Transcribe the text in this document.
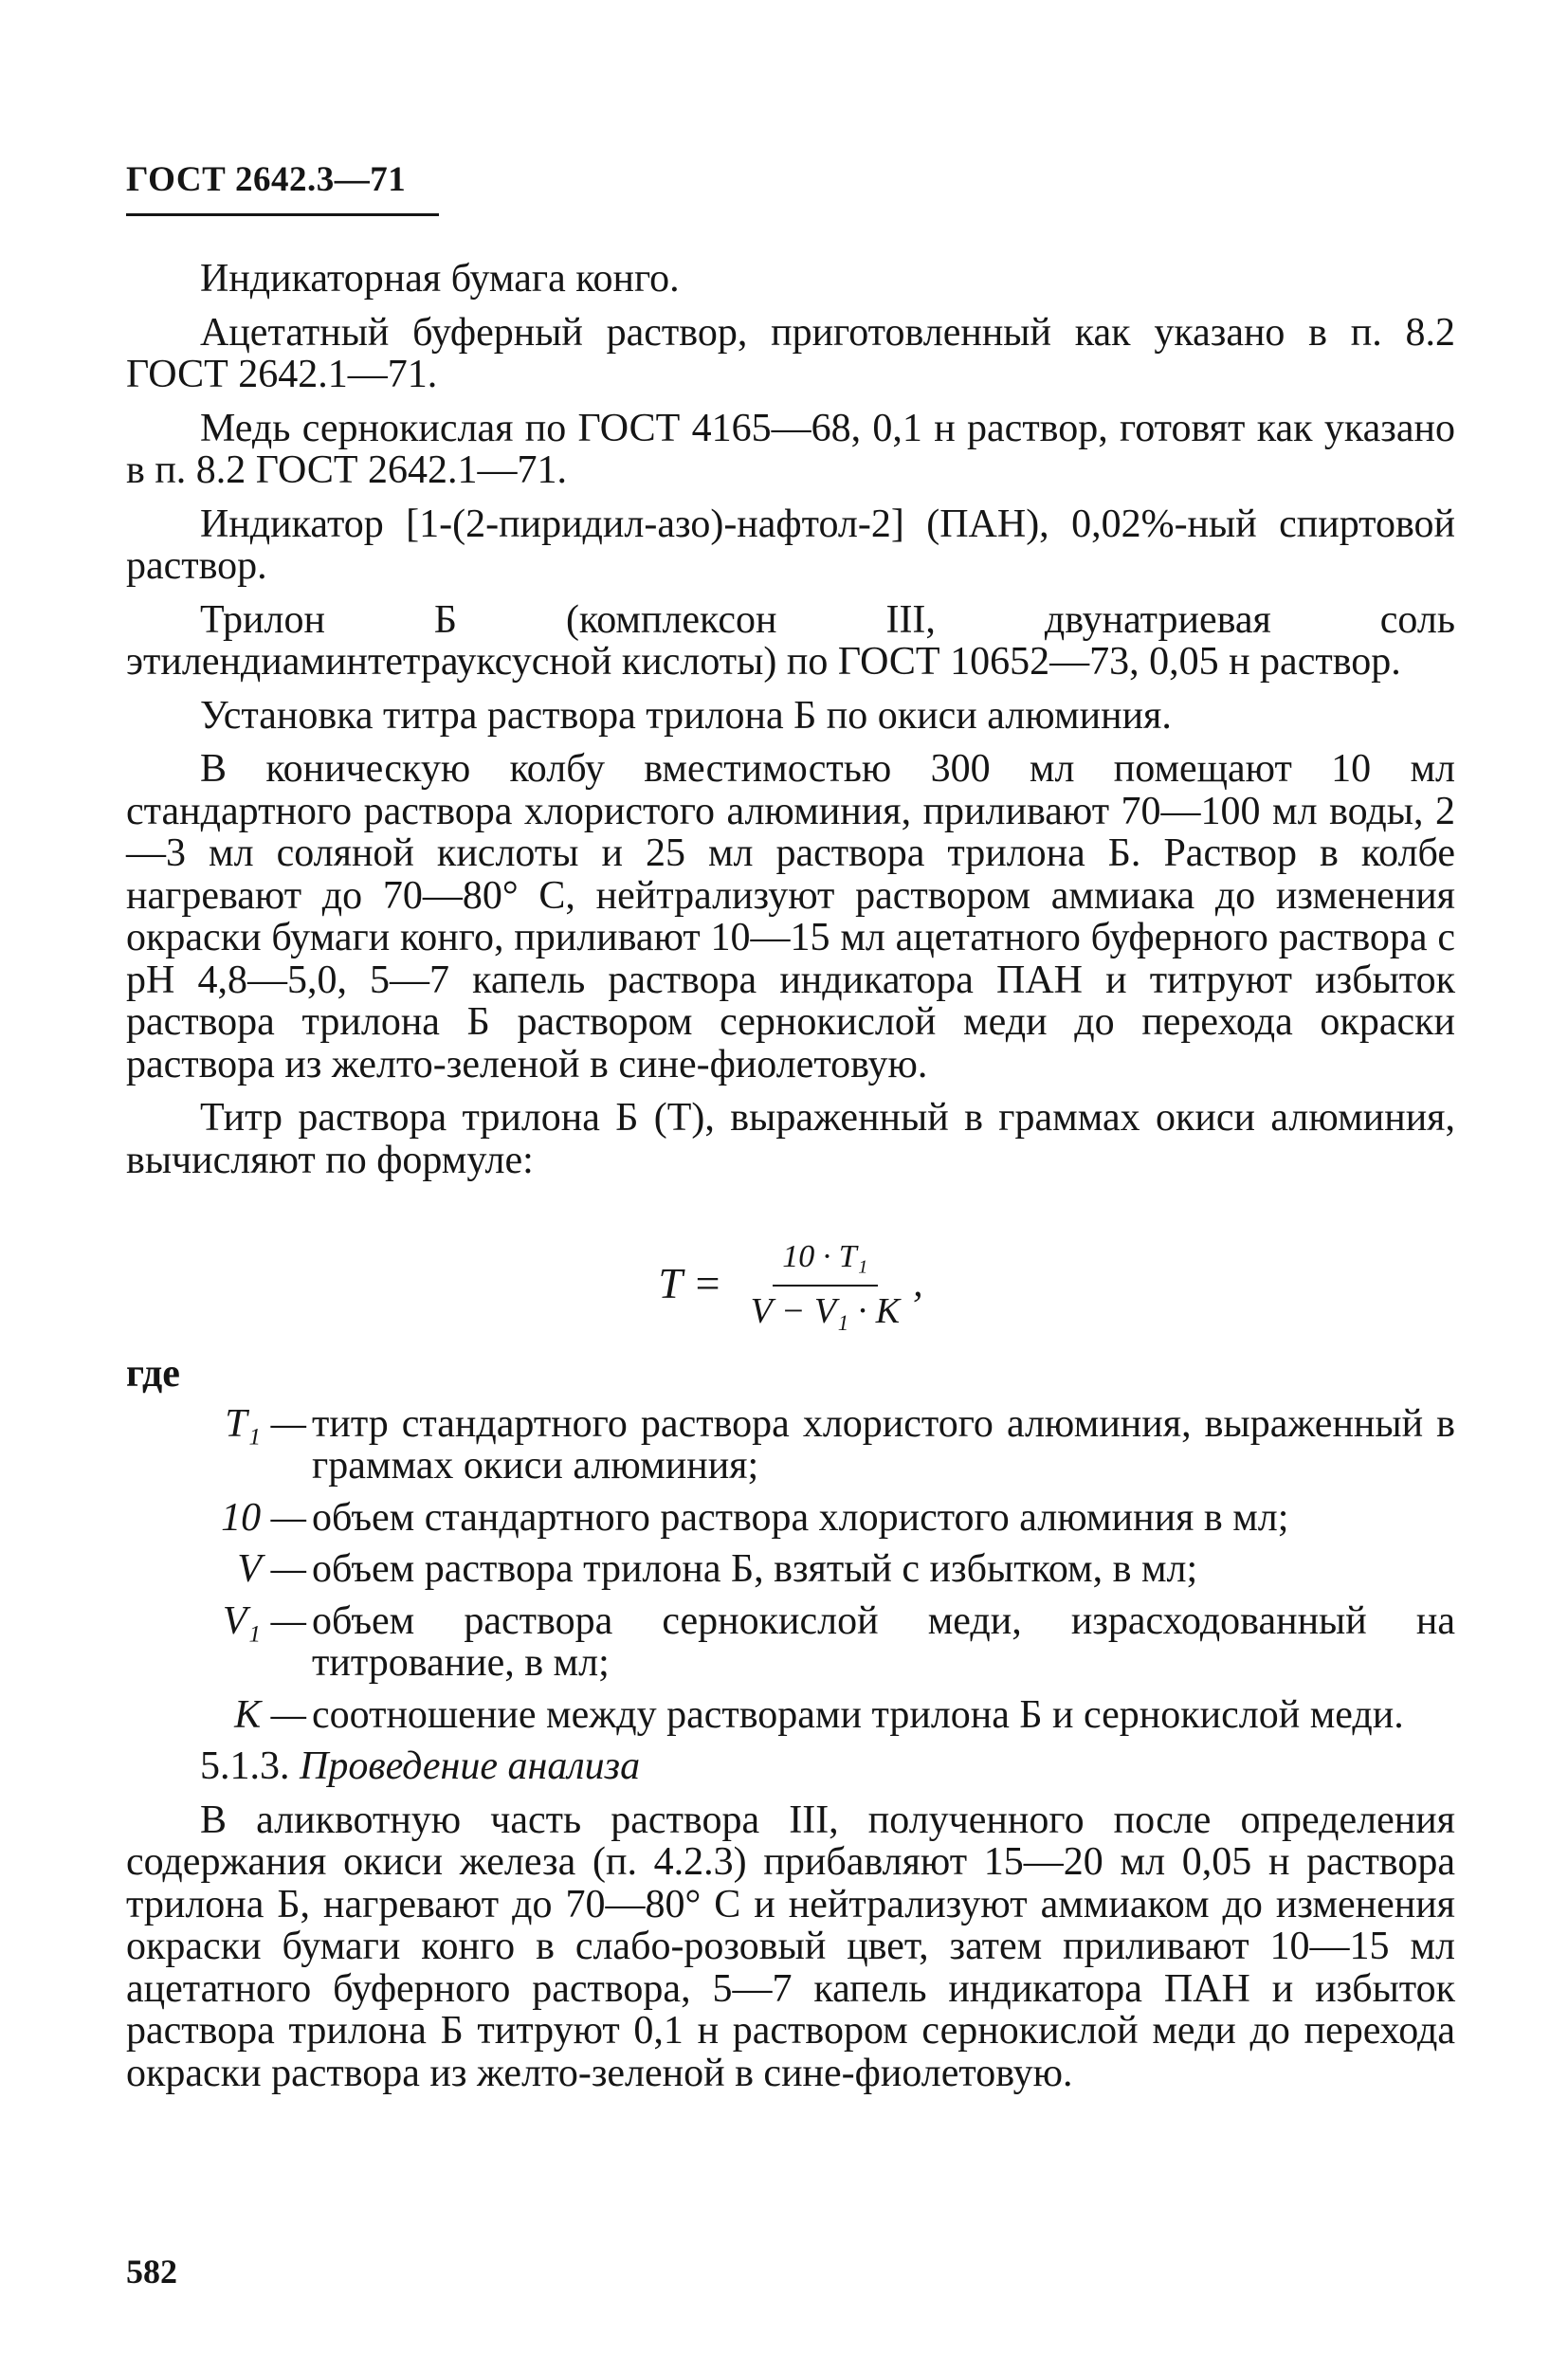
ГОСТ 2642.3—71

Индикаторная бумага конго.

Ацетатный буферный раствор, приготовленный как указано в п. 8.2 ГОСТ 2642.1—71.

Медь сернокислая по ГОСТ 4165—68, 0,1 н раствор, готовят как указано в п. 8.2 ГОСТ 2642.1—71.

Индикатор [1-(2-пиридил-азо)-нафтол-2] (ПАН), 0,02%-ный спиртовой раствор.

Трилон Б (комплексон III, двунатриевая соль этилендиаминтетрауксусной кислоты) по ГОСТ 10652—73, 0,05 н раствор.

Установка титра раствора трилона Б по окиси алюминия.

В коническую колбу вместимостью 300 мл помещают 10 мл стандартного раствора хлористого алюминия, приливают 70—100 мл воды, 2—3 мл соляной кислоты и 25 мл раствора трилона Б. Раствор в колбе нагревают до 70—80° С, нейтрализуют раствором аммиака до изменения окраски бумаги конго, приливают 10—15 мл ацетатного буферного раствора с pH 4,8—5,0, 5—7 капель раствора индикатора ПАН и титруют избыток раствора трилона Б раствором сернокислой меди до перехода окраски раствора из желто-зеленой в сине-фиолетовую.

Титр раствора трилона Б (T), выраженный в граммах окиси алюминия, вычисляют по формуле:

$T = \frac{\text{10 · T₁}}{\text{V − V₁ · K}}$ ,
где
T₁ — титр стандартного раствора хлористого алюминия, выраженный в граммах окиси алюминия;
10 — объем стандартного раствора хлористого алюминия в мл;
V — объем раствора трилона Б, взятый с избытком, в мл;
V₁ — объем раствора сернокислой меди, израсходованный на титрование, в мл;
K — соотношение между растворами трилона Б и сернокислой меди.
5.1.3. Проведение анализа

В аликвотную часть раствора III, полученного после определения содержания окиси железа (п. 4.2.3) прибавляют 15—20 мл 0,05 н раствора трилона Б, нагревают до 70—80° С и нейтрализуют аммиаком до изменения окраски бумаги конго в слабо-розовый цвет, затем приливают 10—15 мл ацетатного буферного раствора, 5—7 капель индикатора ПАН и избыток раствора трилона Б титруют 0,1 н раствором сернокислой меди до перехода окраски раствора из желто-зеленой в сине-фиолетовую.

582
